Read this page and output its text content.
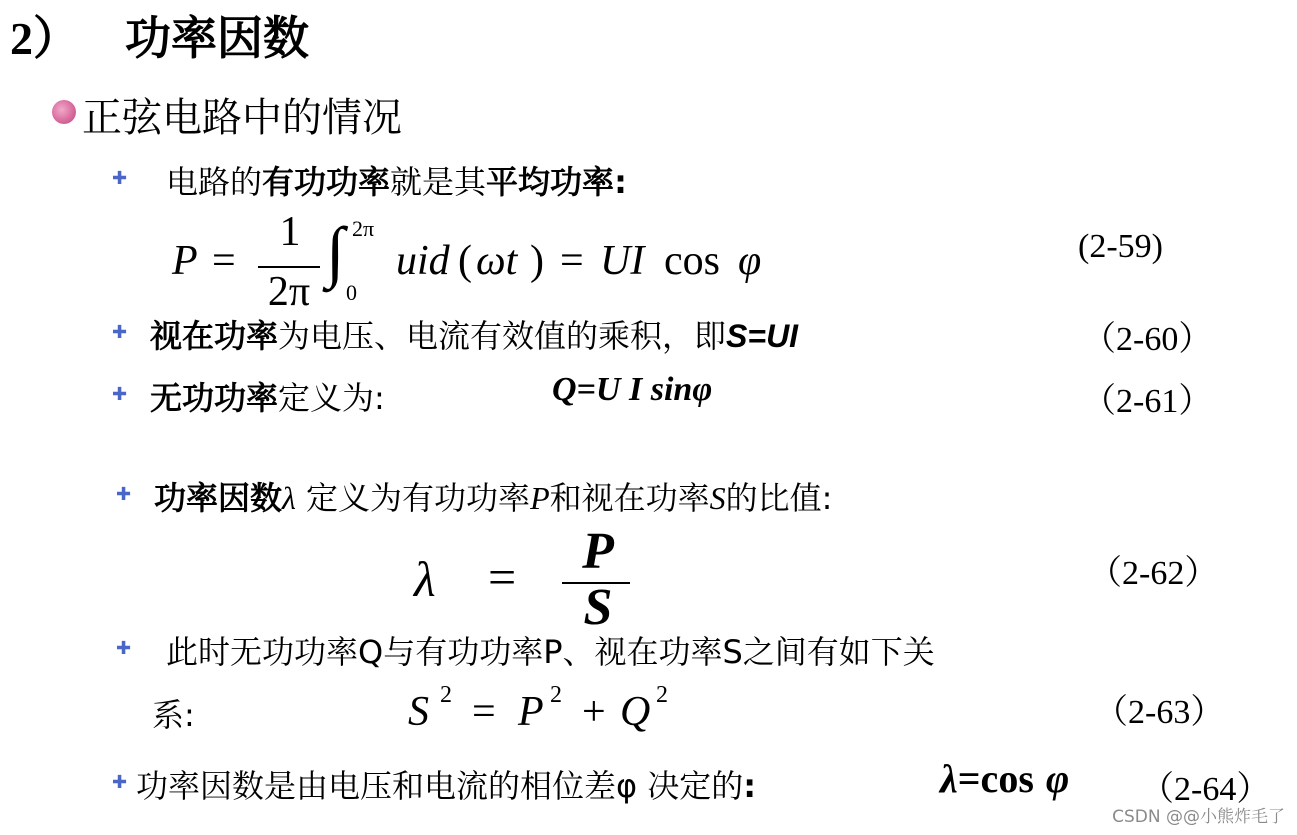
2） 功率因数
正弦电路中的情况
✚ 电路的有功功率就是其平均功率:
P =
1
2π
∫ 2π
0
uid ( ωt ) = UI cos φ	(2-59)
✚ 视在功率为电压、电流有效值的乘积，即S=UI	（2-60）
✚ 无功功率定义为:	Q=U I sinφ	（2-61）
✚ 功率因数λ 定义为有功功率P和视在功率S的比值:
λ =	P
S
（2-62）
✚ 此时无功功率Q与有功功率P、视在功率S之间有如下关
系:	S 2 = P 2 + Q 2	（2-63）
✚ 功率因数是由电压和电流的相位差φ 决定的:	λ=cos φ （2-64）
CSDN @@小熊炸毛了
